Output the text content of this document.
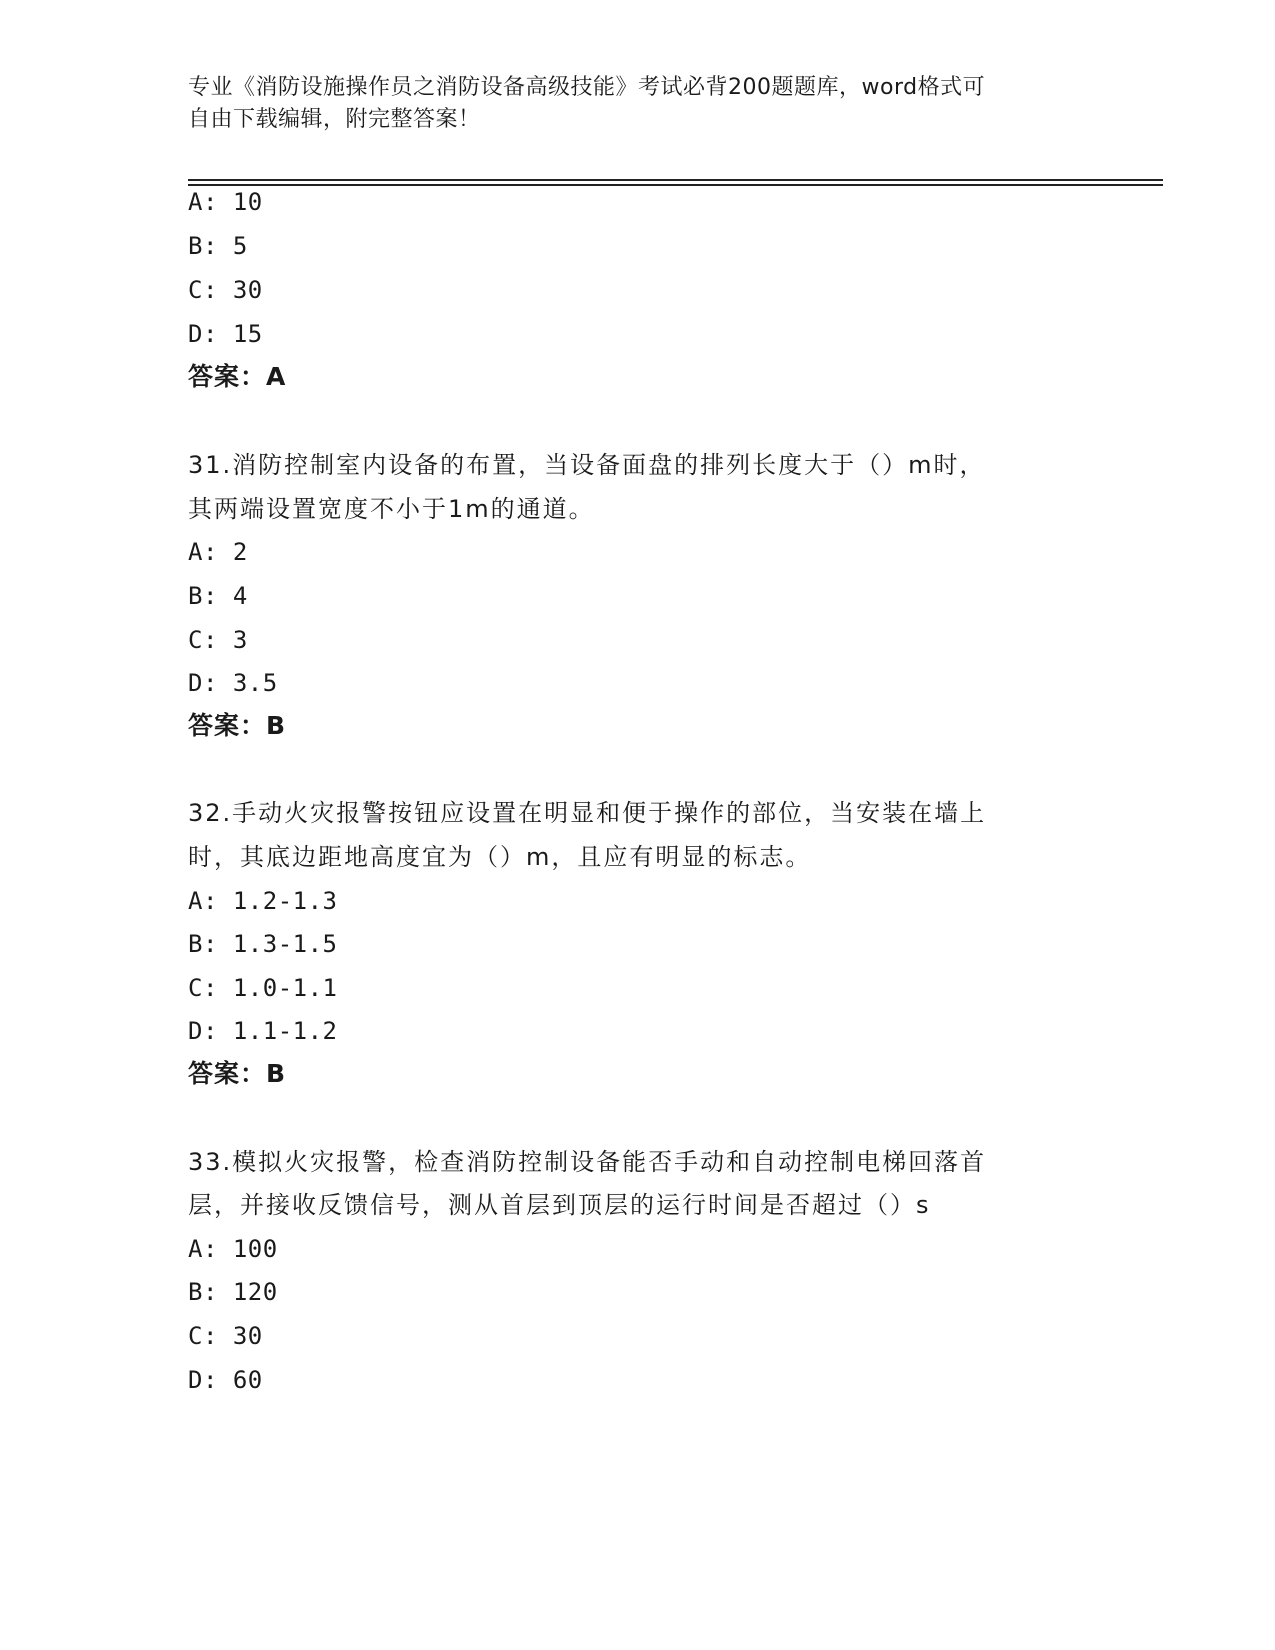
专业《消防设施操作员之消防设备高级技能》考试必背200题题库，word格式可
自由下载编辑，附完整答案！
A: 10
B: 5
C: 30
D: 15
答案：A
31.消防控制室内设备的布置，当设备面盘的排列长度大于（）m时，
其两端设置宽度不小于1m的通道。
A: 2
B: 4
C: 3
D: 3.5
答案：B
32.手动火灾报警按钮应设置在明显和便于操作的部位，当安装在墙上
时，其底边距地高度宜为（）m，且应有明显的标志。
A: 1.2-1.3
B: 1.3-1.5
C: 1.0-1.1
D: 1.1-1.2
答案：B
33.模拟火灾报警，检查消防控制设备能否手动和自动控制电梯回落首
层，并接收反馈信号，测从首层到顶层的运行时间是否超过（）s
A: 100
B: 120
C: 30
D: 60
